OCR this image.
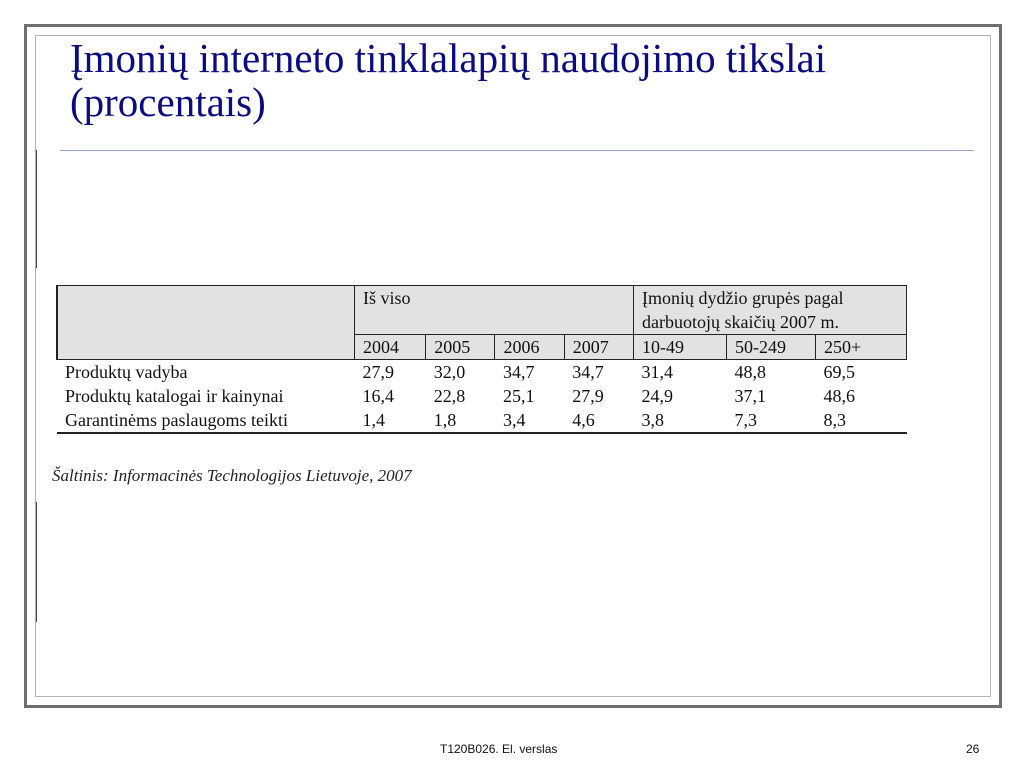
Įmonių interneto tinklalapių naudojimo tikslai (procentais)
	Iš viso				Įmonių dydžio grupės pagal darbuotojų skaičių 2007 m.		
	2004	2005	2006	2007	10-49	50-249	250+
Produktų vadyba	27,9	32,0	34,7	34,7	31,4	48,8	69,5
Produktų katalogai ir kainynai	16,4	22,8	25,1	27,9	24,9	37,1	48,6
Garantinėms paslaugoms teikti	1,4	1,8	3,4	4,6	3,8	7,3	8,3
Šaltinis: Informacinės Technologijos Lietuvoje, 2007
T120B026. El. verslas	26
